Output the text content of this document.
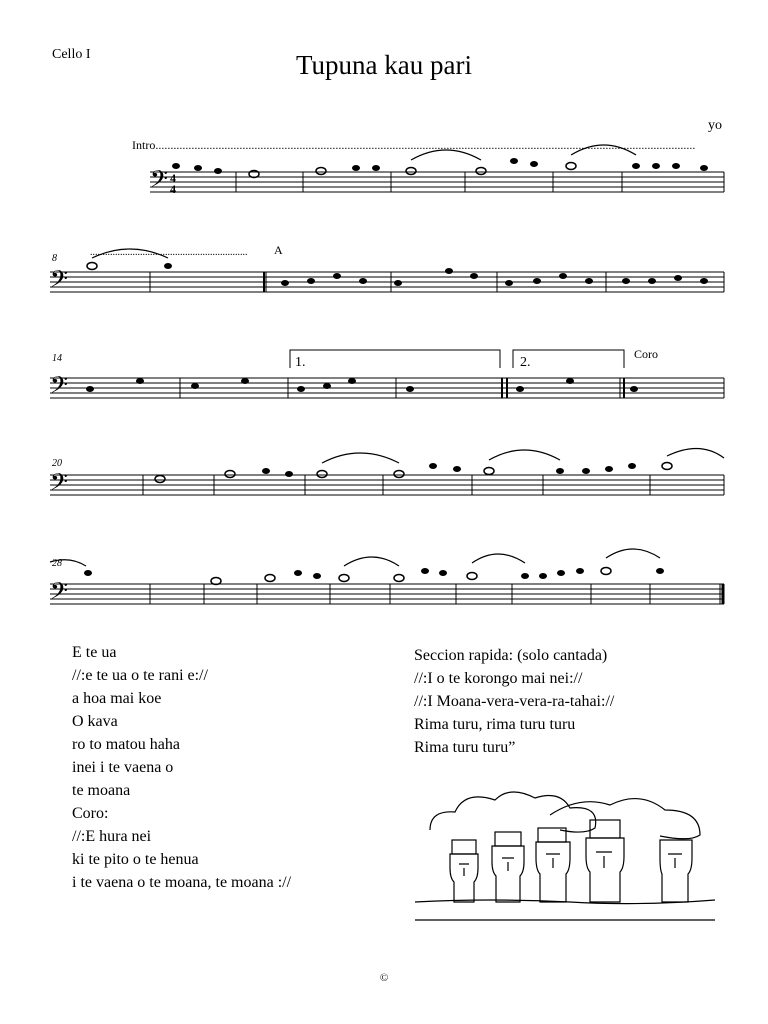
Cello I	Tupuna kau pari
yo
Intro....................................................................................................................................................................................
𝄢 4
4
8
............................................................... A
𝄢
14	1.	2.
Coro
𝄢
20
𝄢
28
𝄢
E te ua
//:e te ua o te rani e://
a hoa mai koe
O kava
ro to matou haha
inei i te vaena o
te moana
Coro:
//:E hura nei
ki te pito o te henua
i te vaena o te moana, te moana ://
Seccion rapida: (solo cantada)
//:I o te korongo mai nei://
//:I Moana-vera-vera-ra-tahai://
Rima turu, rima turu turu
Rima turu turu”
©
